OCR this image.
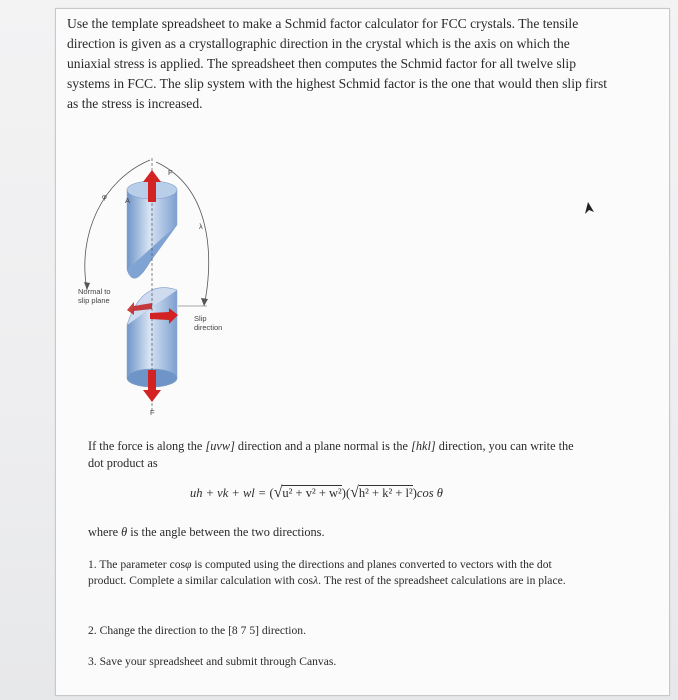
Use the template spreadsheet to make a Schmid factor calculator for FCC crystals. The tensile direction is given as a crystallographic direction in the crystal which is the axis on which the uniaxial stress is applied. The spreadsheet then computes the Schmid factor for all twelve slip systems in FCC. The slip system with the highest Schmid factor is the one that would then slip first as the stress is increased.

F
F
A
φ
λ
Normal to slip plane
Slip direction

If the force is along the [uvw] direction and a plane normal is the [hkl] direction, you can write the dot product as

uh + vk + wl = (√u² + v² + w²)(√h² + k² + l²)cos θ

where θ is the angle between the two directions.

1. The parameter cosφ is computed using the directions and planes converted to vectors with the dot product. Complete a similar calculation with cosλ. The rest of the spreadsheet calculations are in place.
2. Change the direction to the [8 7 5] direction.
3. Save your spreadsheet and submit through Canvas.
